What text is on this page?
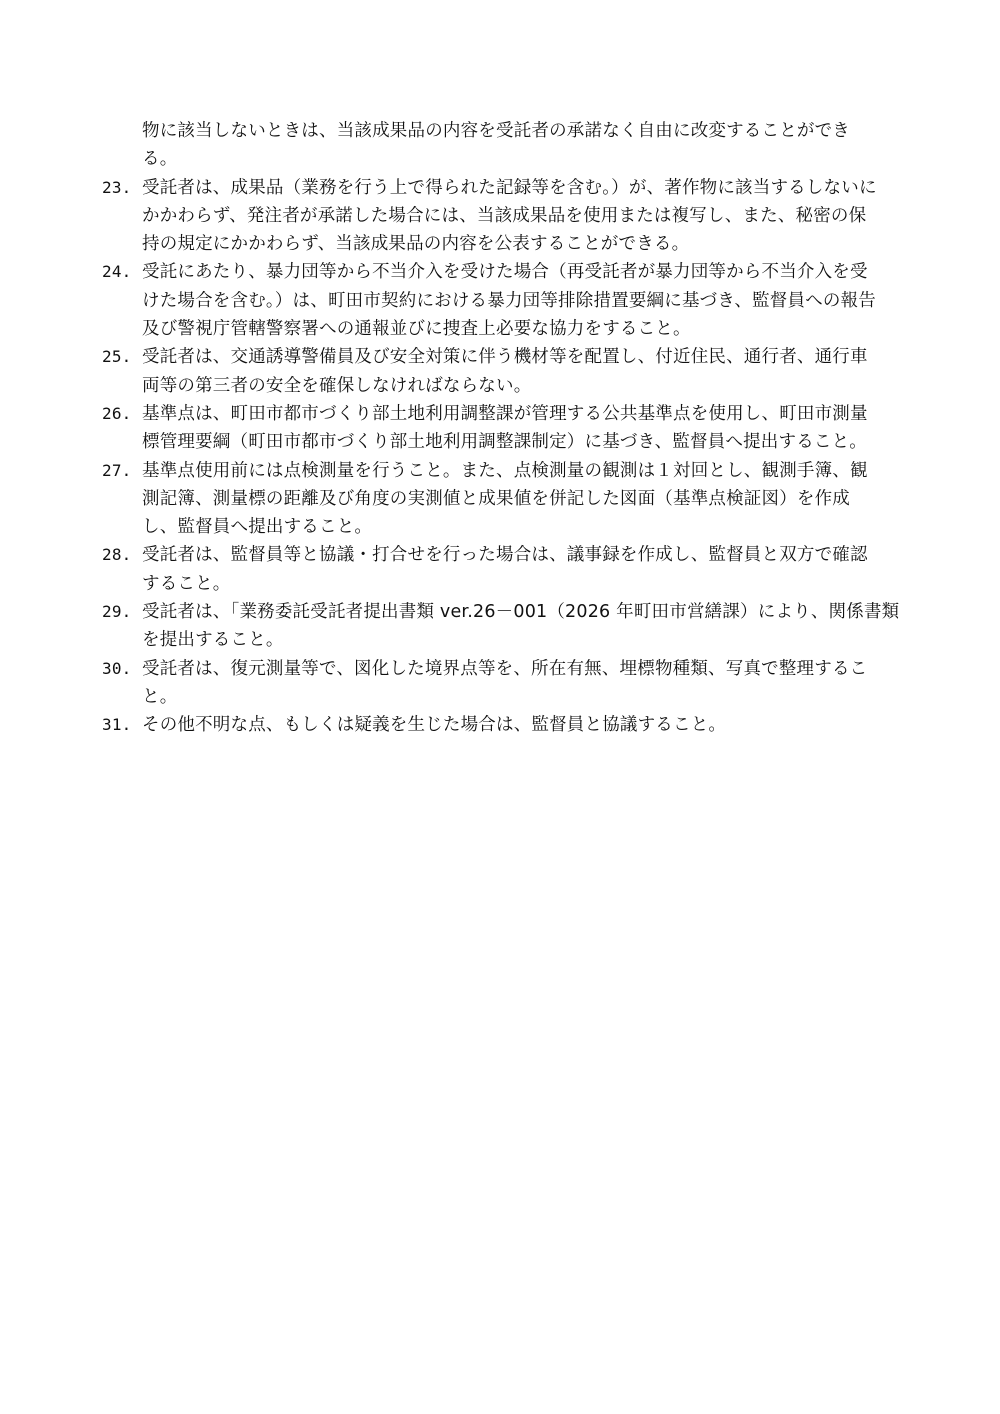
物に該当しないときは、当該成果品の内容を受託者の承諾なく自由に改変することができ
る。
23. 受託者は、成果品（業務を行う上で得られた記録等を含む。）が、著作物に該当するしないに
かかわらず、発注者が承諾した場合には、当該成果品を使用または複写し、また、秘密の保
持の規定にかかわらず、当該成果品の内容を公表することができる。
24. 受託にあたり、暴力団等から不当介入を受けた場合（再受託者が暴力団等から不当介入を受
けた場合を含む。）は、町田市契約における暴力団等排除措置要綱に基づき、監督員への報告
及び警視庁管轄警察署への通報並びに捜査上必要な協力をすること。
25. 受託者は、交通誘導警備員及び安全対策に伴う機材等を配置し、付近住民、通行者、通行車
両等の第三者の安全を確保しなければならない。
26. 基準点は、町田市都市づくり部土地利用調整課が管理する公共基準点を使用し、町田市測量
標管理要綱（町田市都市づくり部土地利用調整課制定）に基づき、監督員へ提出すること。
27. 基準点使用前には点検測量を行うこと。また、点検測量の観測は１対回とし、観測手簿、観
測記簿、測量標の距離及び角度の実測値と成果値を併記した図面（基準点検証図）を作成
し、監督員へ提出すること。
28. 受託者は、監督員等と協議・打合せを行った場合は、議事録を作成し、監督員と双方で確認
すること。
29. 受託者は、「業務委託受託者提出書類 ver.26－001（2026 年町田市営繕課）により、関係書類
を提出すること。
30. 受託者は、復元測量等で、図化した境界点等を、所在有無、埋標物種類、写真で整理するこ
と。
31. その他不明な点、もしくは疑義を生じた場合は、監督員と協議すること。
